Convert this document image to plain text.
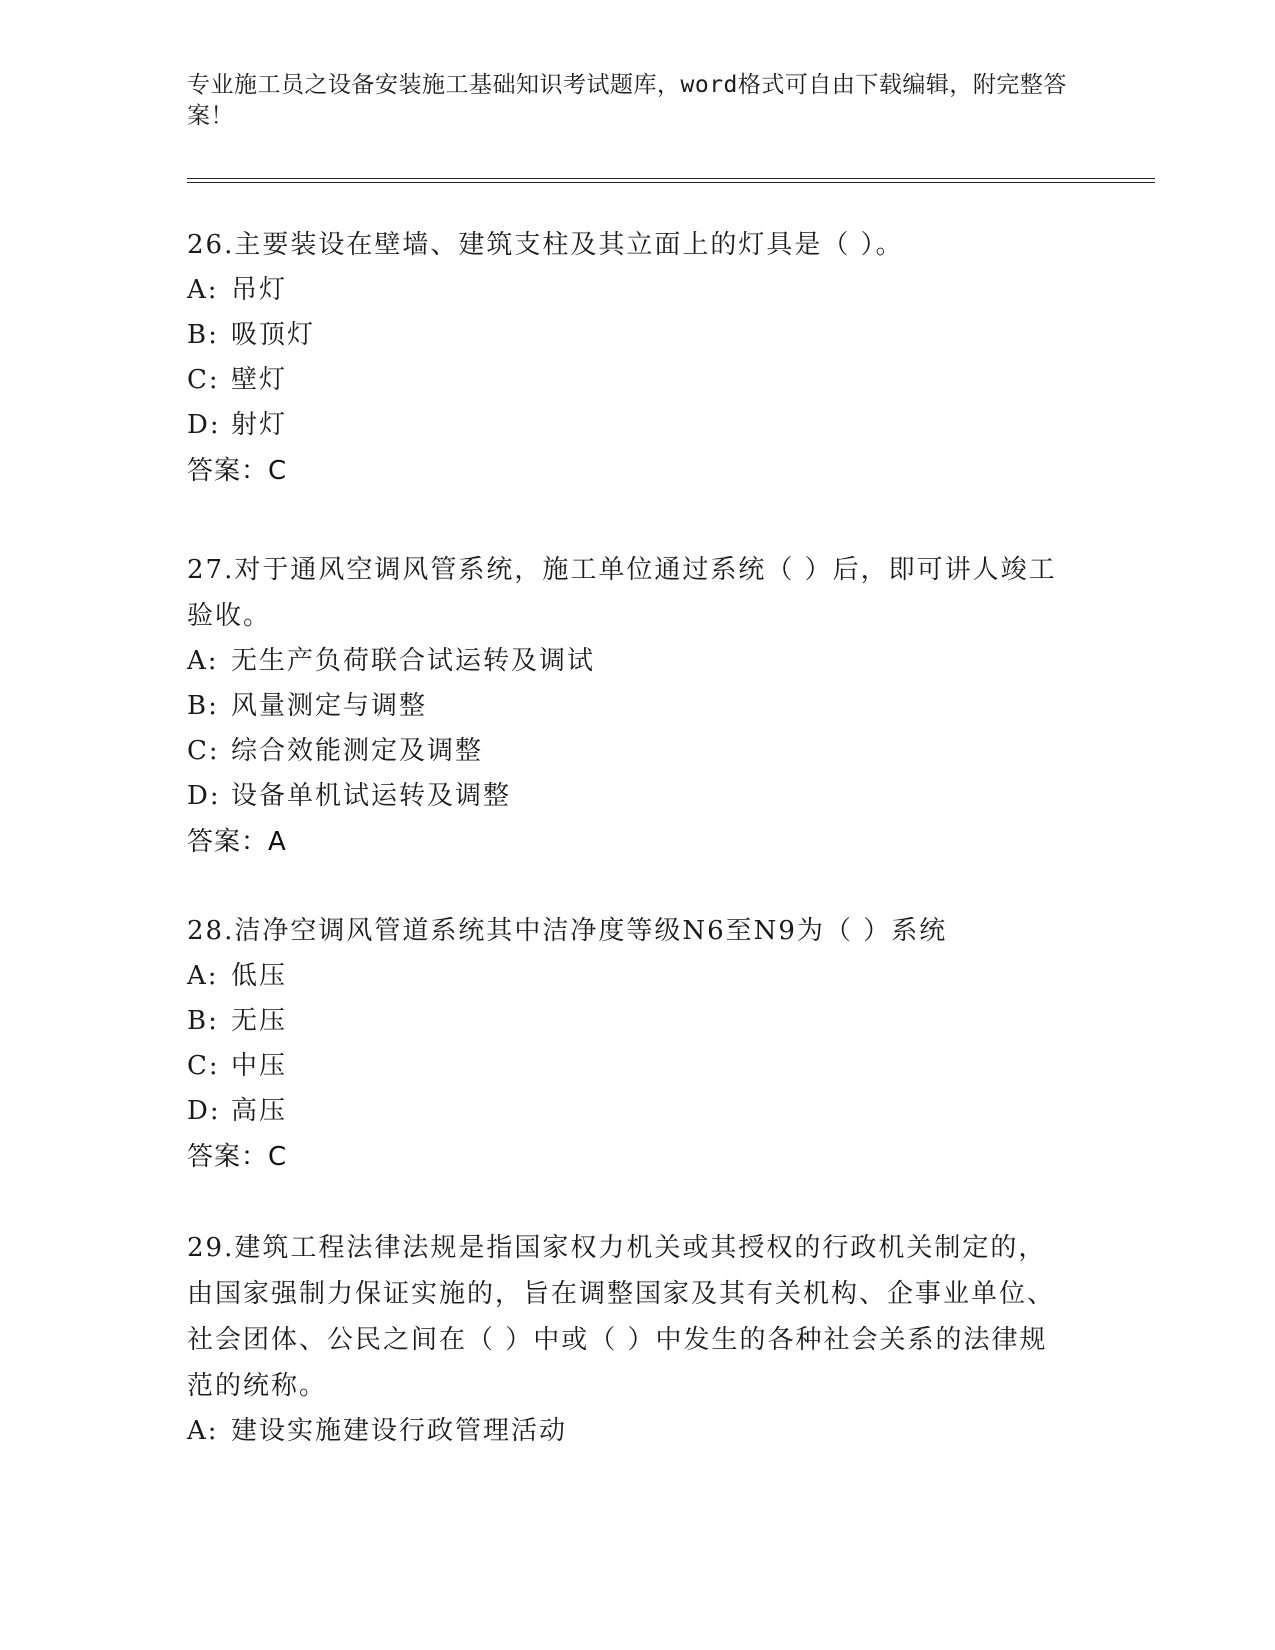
专业施工员之设备安装施工基础知识考试题库，word格式可自由下载编辑，附完整答案！
26.主要装设在壁墙、建筑支柱及其立面上的灯具是（ ）。
A: 吊灯
B: 吸顶灯
C: 壁灯
D: 射灯
答案：C
27.对于通风空调风管系统，施工单位通过系统（ ）后，即可讲人竣工验收。
A: 无生产负荷联合试运转及调试
B: 风量测定与调整
C: 综合效能测定及调整
D: 设备单机试运转及调整
答案：A
28.洁净空调风管道系统其中洁净度等级N6至N9为（ ）系统
A: 低压
B: 无压
C: 中压
D: 高压
答案：C
29.建筑工程法律法规是指国家权力机关或其授权的行政机关制定的，由国家强制力保证实施的，旨在调整国家及其有关机构、企事业单位、社会团体、公民之间在（ ）中或（ ）中发生的各种社会关系的法律规范的统称。
A: 建设实施建设行政管理活动
